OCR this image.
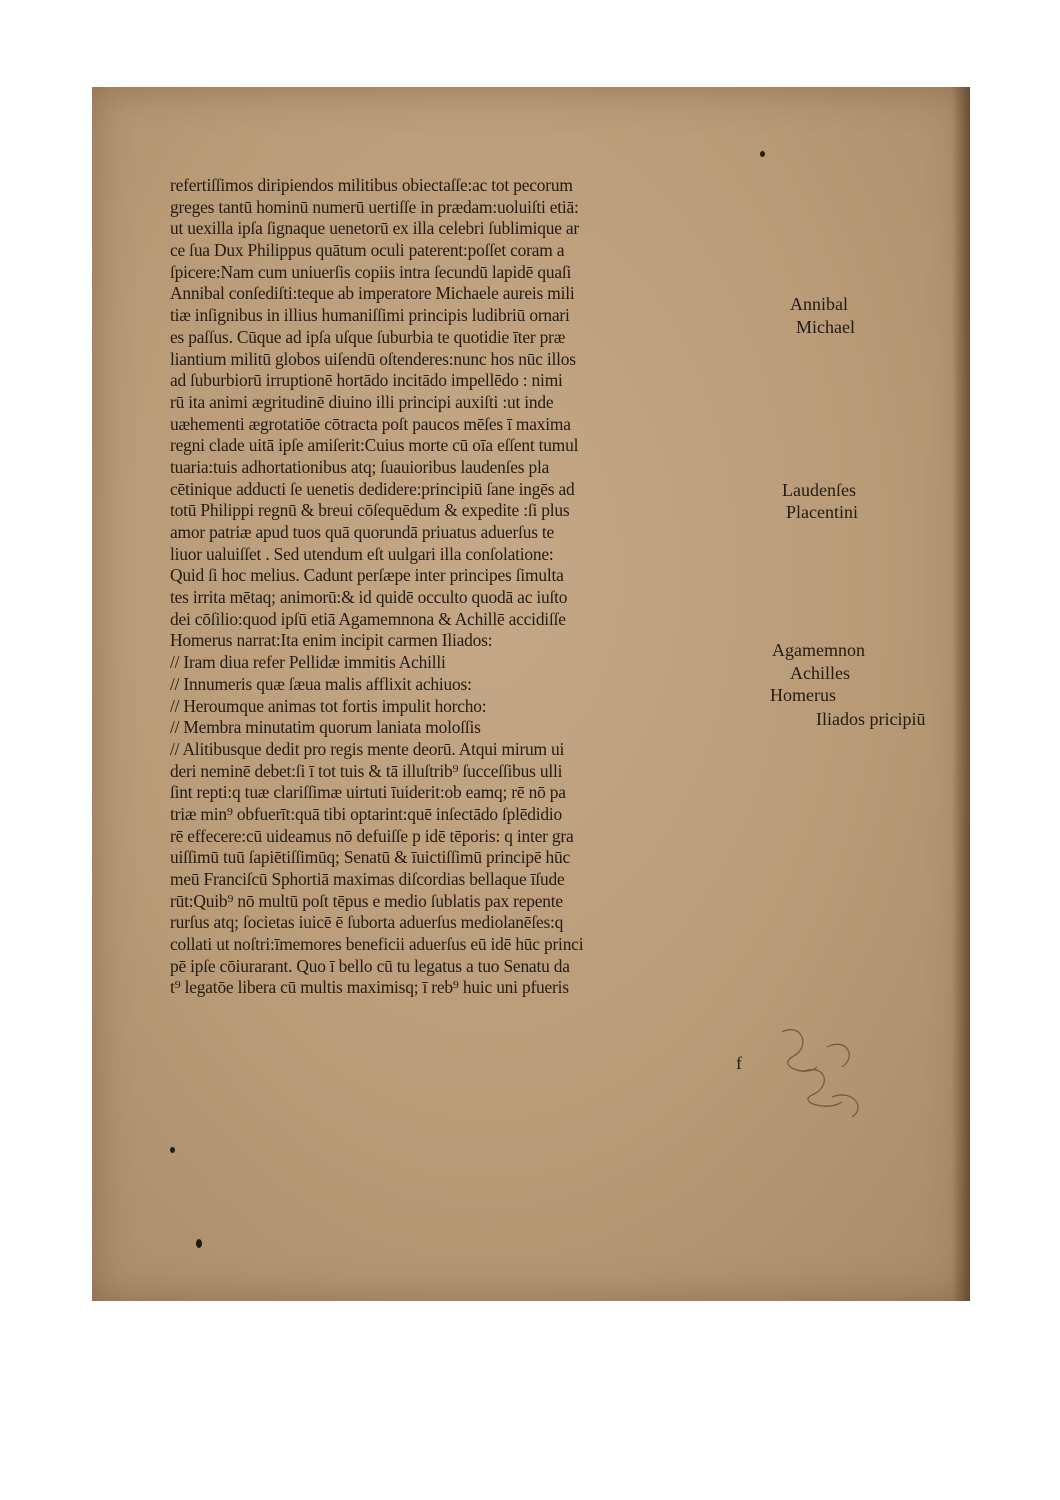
refertiſſimos diripiendos militibus obiectaſſe:ac tot pecorum
greges tantū hominū numerū uertiſſe in prædam:uoluiſti etiā:
ut uexilla ipſa ſignaque uenetorū ex illa celebri ſublimique ar
ce ſua Dux Philippus quātum oculi paterent:poſſet coram a
ſpicere:Nam cum uniuerſis copiis intra ſecundū lapidē quaſi
Annibal conſediſti:teque ab imperatore Michaele aureis mili
tiæ inſignibus in illius humaniſſimi principis ludibriū ornari
es paſſus. Cūque ad ipſa uſque ſuburbia te quotidie īter præ
liantium militū globos uiſendū oſtenderes:nunc hos nūc illos
ad ſuburbiorū irruptionē hortādo incitādo impellēdo : nimi
rū ita animi ægritudinē diuino illi principi auxiſti :ut inde
uæhementi ægrotatiōe cōtracta poſt paucos mēſes ī maxima
regni clade uitā ipſe amiſerit:Cuius morte cū oīa eſſent tumul
tuaria:tuis adhortationibus atq; ſuauioribus laudenſes pla
cētinique adducti ſe uenetis dedidere:principiū ſane ingēs ad
totū Philippi regnū & breui cōſequēdum & expedite :ſi plus
amor patriæ apud tuos quā quorundā priuatus aduerſus te
liuor ualuiſſet . Sed utendum eſt uulgari illa conſolatione:
Quid ſi hoc melius. Cadunt perſæpe inter principes ſimulta
tes irrita mētaq; animorū:& id quidē occulto quodā ac iuſto
dei cōſilio:quod ipſū etiā Agamemnona & Achillē accidiſſe
Homerus narrat:Ita enim incipit carmen Iliados:
// Iram diua refer Pellidæ immitis Achilli
// Innumeris quæ ſæua malis afflixit achiuos:
// Heroumque animas tot fortis impulit horcho:
// Membra minutatim quorum laniata moloſſis
// Alitibusque dedit pro regis mente deorū. Atqui mirum ui
deri neminē debet:ſi ī tot tuis & tā illuſtrib⁹ ſucceſſibus ulli
ſint repti:q tuæ clariſſimæ uirtuti īuiderit:ob eamq; rē nō pa
triæ min⁹ obfuerīt:quā tibi optarint:quē inſectādo ſplēdidio
rē effecere:cū uideamus nō defuiſſe p idē tēporis: q inter gra
uiſſimū tuū ſapiētiſſimūq; Senatū & īuictiſſimū principē hūc
meū Franciſcū Sphortiā maximas diſcordias bellaque īſude
rūt:Quib⁹ nō multū poſt tēpus e medio ſublatis pax repente
rurſus atq; ſocietas iuicē ē ſuborta aduerſus mediolanēſes:q
collati ut noſtri:īmemores beneficii aduerſus eū idē hūc princi
pē ipſe cōiurarant. Quo ī bello cū tu legatus a tuo Senatu da
t⁹ legatōe libera cū multis maximisq; ī reb⁹ huic uni pfueris
Annibal
Michael
Laudenſes
Placentini
Agamemnon
Achilles
Homerus
Iliados pricipiū
f
